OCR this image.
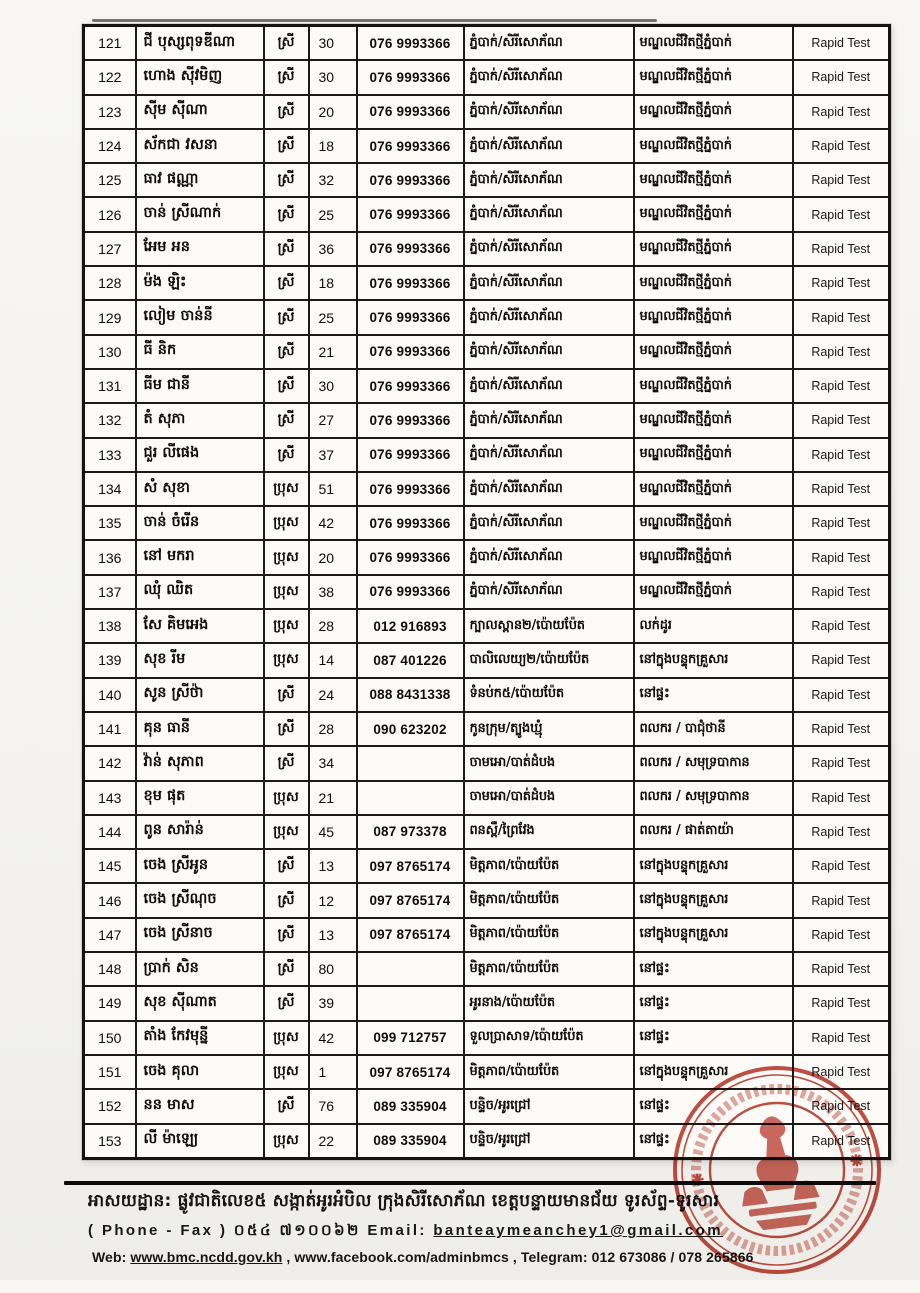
121	ជី បុស្សពុទឌីណា	ស្រី	30	076 9993366	ភ្នំបាក់/សិរីសោភ័ណ	មណ្ឌលជីវិតថ្មីភ្នំបាក់	Rapid Test
122	ហោង ស៊ីវមិញ	ស្រី	30	076 9993366	ភ្នំបាក់/សិរីសោភ័ណ	មណ្ឌលជីវិតថ្មីភ្នំបាក់	Rapid Test
123	ស៊ីម ស៊ីណា	ស្រី	20	076 9993366	ភ្នំបាក់/សិរីសោភ័ណ	មណ្ឌលជីវិតថ្មីភ្នំបាក់	Rapid Test
124	ស័កជា វសនា	ស្រី	18	076 9993366	ភ្នំបាក់/សិរីសោភ័ណ	មណ្ឌលជីវិតថ្មីភ្នំបាក់	Rapid Test
125	ធាវ ផណ្ណា	ស្រី	32	076 9993366	ភ្នំបាក់/សិរីសោភ័ណ	មណ្ឌលជីវិតថ្មីភ្នំបាក់	Rapid Test
126	ចាន់ ស្រីណាក់	ស្រី	25	076 9993366	ភ្នំបាក់/សិរីសោភ័ណ	មណ្ឌលជីវិតថ្មីភ្នំបាក់	Rapid Test
127	អែម អន	ស្រី	36	076 9993366	ភ្នំបាក់/សិរីសោភ័ណ	មណ្ឌលជីវិតថ្មីភ្នំបាក់	Rapid Test
128	ម៉ង ឡិះ	ស្រី	18	076 9993366	ភ្នំបាក់/សិរីសោភ័ណ	មណ្ឌលជីវិតថ្មីភ្នំបាក់	Rapid Test
129	លៀម ចាន់នី	ស្រី	25	076 9993366	ភ្នំបាក់/សិរីសោភ័ណ	មណ្ឌលជីវិតថ្មីភ្នំបាក់	Rapid Test
130	ធី និក	ស្រី	21	076 9993366	ភ្នំបាក់/សិរីសោភ័ណ	មណ្ឌលជីវិតថ្មីភ្នំបាក់	Rapid Test
131	ធីម ជានី	ស្រី	30	076 9993366	ភ្នំបាក់/សិរីសោភ័ណ	មណ្ឌលជីវិតថ្មីភ្នំបាក់	Rapid Test
132	តំ សុភា	ស្រី	27	076 9993366	ភ្នំបាក់/សិរីសោភ័ណ	មណ្ឌលជីវិតថ្មីភ្នំបាក់	Rapid Test
133	ជួរ លីផេង	ស្រី	37	076 9993366	ភ្នំបាក់/សិរីសោភ័ណ	មណ្ឌលជីវិតថ្មីភ្នំបាក់	Rapid Test
134	សំ សុខា	ប្រុស	51	076 9993366	ភ្នំបាក់/សិរីសោភ័ណ	មណ្ឌលជីវិតថ្មីភ្នំបាក់	Rapid Test
135	ចាន់ ចំរើន	ប្រុស	42	076 9993366	ភ្នំបាក់/សិរីសោភ័ណ	មណ្ឌលជីវិតថ្មីភ្នំបាក់	Rapid Test
136	នៅ មករា	ប្រុស	20	076 9993366	ភ្នំបាក់/សិរីសោភ័ណ	មណ្ឌលជីវិតថ្មីភ្នំបាក់	Rapid Test
137	ឈុំ ឈិត	ប្រុស	38	076 9993366	ភ្នំបាក់/សិរីសោភ័ណ	មណ្ឌលជីវិតថ្មីភ្នំបាក់	Rapid Test
138	សែ គិមអេង	ប្រុស	28	012 916893	ក្បាលស្ពាន២/ប៉ោយប៉ែត	លក់ដូរ	Rapid Test
139	សុខ រីម	ប្រុស	14	087 401226	បាលិលេយ្យ២/ប៉ោយប៉ែត	នៅក្នុងបន្ទុកគ្រួសារ	Rapid Test
140	សូន ស្រីថ៉ា	ស្រី	24	088 8431338	ទំនប់ក៥/ប៉ោយប៉ែត	នៅផ្ទះ	Rapid Test
141	គុន ធានី	ស្រី	28	090 623202	កូនក្រុម/ត្បូងឃ្មុំ	ពលករ / បាជុំថានី	Rapid Test
142	វ៉ាន់ សុភាព	ស្រី	34		ចាមអោ/បាត់ដំបង	ពលករ / សមុទ្របាកាន	Rapid Test
143	ខុម ផុត	ប្រុស	21		ចាមអោ/បាត់ដំបង	ពលករ / សមុទ្របាកាន	Rapid Test
144	ពូន សារ៉ាន់	ប្រុស	45	087 973378	ពនស្ពឺ/ព្រៃវែង	ពលករ / ផាត់តាយ៉ា	Rapid Test
145	ចេង ស្រីអូន	ស្រី	13	097 8765174	មិត្តភាព/ប៉ោយប៉ែត	នៅក្នុងបន្ទុកគ្រួសារ	Rapid Test
146	ចេង ស្រីណុច	ស្រី	12	097 8765174	មិត្តភាព/ប៉ោយប៉ែត	នៅក្នុងបន្ទុកគ្រួសារ	Rapid Test
147	ចេង ស្រីនាច	ស្រី	13	097 8765174	មិត្តភាព/ប៉ោយប៉ែត	នៅក្នុងបន្ទុកគ្រួសារ	Rapid Test
148	ប្រាក់ សិន	ស្រី	80		មិត្តភាព/ប៉ោយប៉ែត	នៅផ្ទះ	Rapid Test
149	សុខ ស៊ីណាត	ស្រី	39		អូរនាង/ប៉ោយប៉ែត	នៅផ្ទះ	Rapid Test
150	តាំង កែវមុន្នី	ប្រុស	42	099 712757	ទួលប្រាសាទ/ប៉ោយប៉ែត	នៅផ្ទះ	Rapid Test
151	ចេង គុលា	ប្រុស	1	097 8765174	មិត្តភាព/ប៉ោយប៉ែត	នៅក្នុងបន្ទុកគ្រួសារ	Rapid Test
152	នន មាស	ស្រី	76	089 335904	បន្ទិច/អូរជ្រៅ	នៅផ្ទះ	Rapid Test
153	លី ម៉ាឡ្យេ	ប្រុស	22	089 335904	បន្ទិច/អូរជ្រៅ	នៅផ្ទះ	Rapid Test
អាសយដ្ឋាន: ផ្លូវជាតិលេខ៥ សង្កាត់អូរអំបិល ក្រុងសិរីសោភ័ណ ខេត្តបន្ទាយមានជ័យ ទូរស័ព្ទ-ទូរសារ
( Phone - Fax ) ០៥៤ ៧១០០៦២ Email: banteaymeanchey1@gmail.com
Web: www.bmc.ncdd.gov.kh , www.facebook.com/adminbmcs , Telegram: 012 673086 / 078 265866
